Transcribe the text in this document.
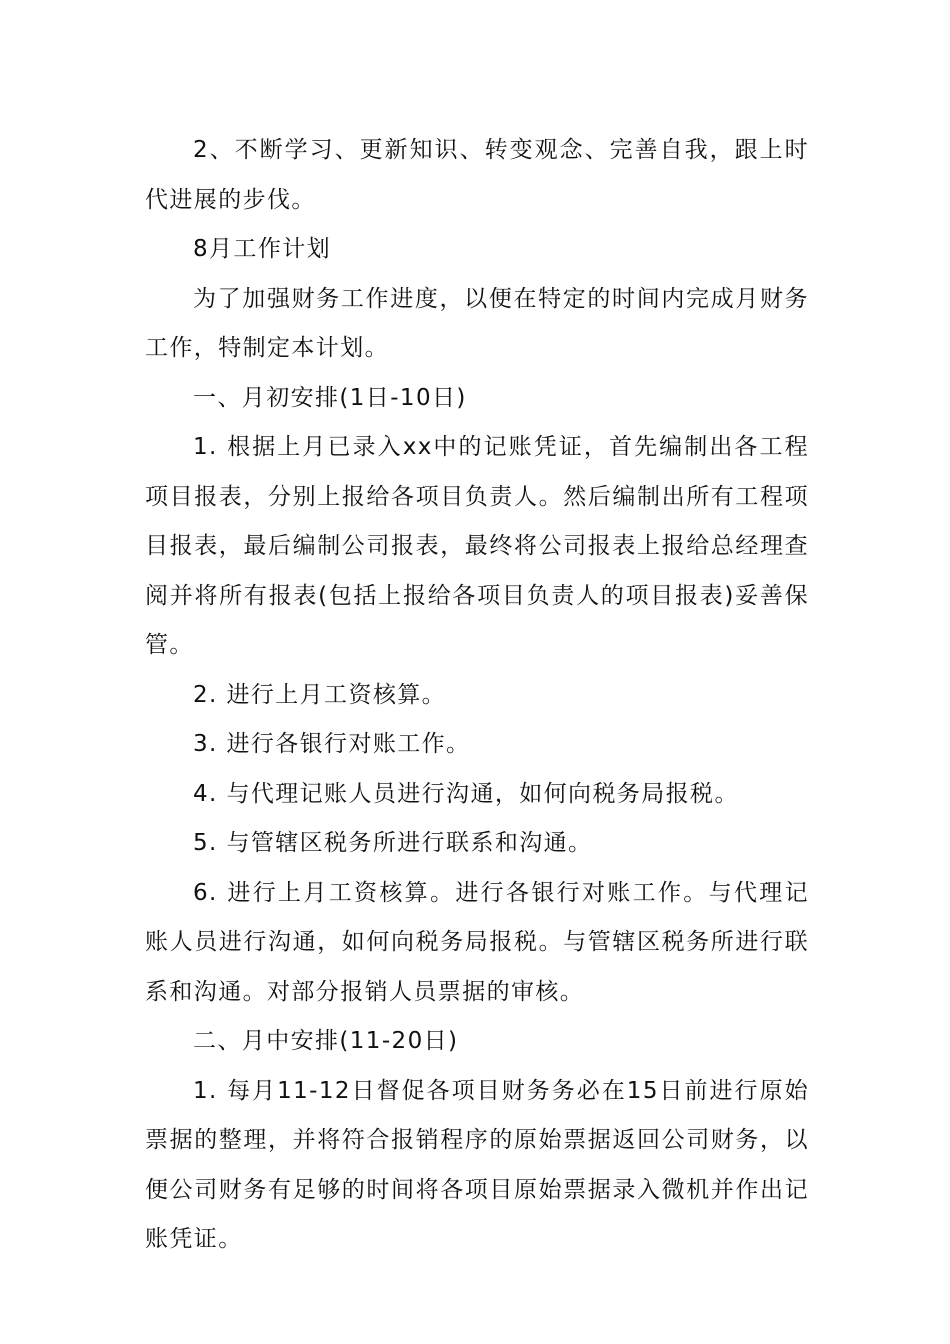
2、不断学习、更新知识、转变观念、完善自我，跟上时代进展的步伐。

8月工作计划

为了加强财务工作进度，以便在特定的时间内完成月财务工作，特制定本计划。

一、月初安排(1日-10日)

1. 根据上月已录入xx中的记账凭证，首先编制出各工程项目报表，分别上报给各项目负责人。然后编制出所有工程项目报表，最后编制公司报表，最终将公司报表上报给总经理查阅并将所有报表(包括上报给各项目负责人的项目报表)妥善保管。

2. 进行上月工资核算。

3. 进行各银行对账工作。

4. 与代理记账人员进行沟通，如何向税务局报税。

5. 与管辖区税务所进行联系和沟通。

6. 进行上月工资核算。进行各银行对账工作。与代理记账人员进行沟通，如何向税务局报税。与管辖区税务所进行联系和沟通。对部分报销人员票据的审核。

二、月中安排(11-20日)

1. 每月11-12日督促各项目财务务必在15日前进行原始票据的整理，并将符合报销程序的原始票据返回公司财务，以便公司财务有足够的时间将各项目原始票据录入微机并作出记账凭证。
